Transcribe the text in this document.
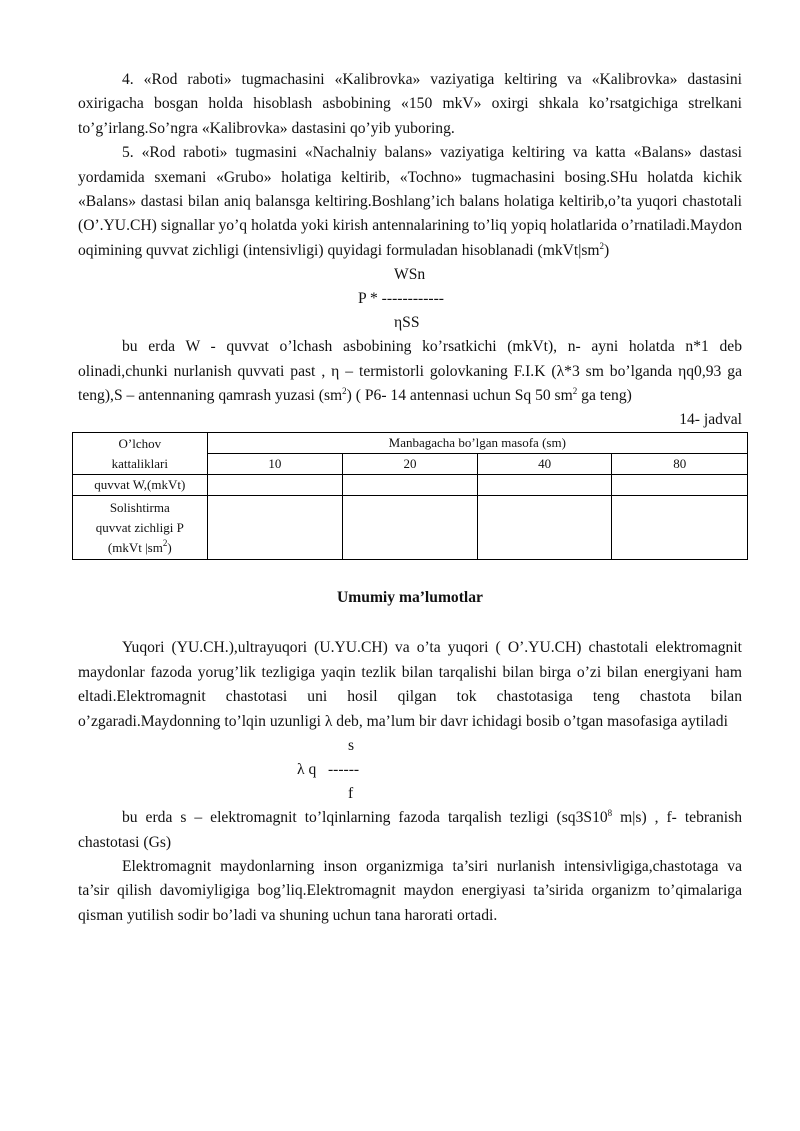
4. «Rod raboti» tugmachasini «Kalibrovka» vaziyatiga keltiring va «Kalibrovka» dastasini oxirigacha bosgan holda hisoblash asbobining «150 mkV» oxirgi shkala ko’rsatgichiga strelkani to’g’irlang.So’ngra «Kalibrovka» dastasini qo’yib yuboring.

5. «Rod raboti» tugmasini «Nachalniy balans» vaziyatiga keltiring va katta «Balans» dastasi yordamida sxemani «Grubo» holatiga keltirib, «Tochno» tugmachasini bosing.SHu holatda kichik «Balans» dastasi bilan aniq balansga keltiring.Boshlang’ich balans holatiga keltirib,o’ta yuqori chastotali (O’.YU.CH) signallar yo’q holatda yoki kirish antennalarining to’liq yopiq holatlarida o’rnatiladi.Maydon oqimining quvvat zichligi (intensivligi) quyidagi formuladan hisoblanadi $(mkVt|sm^2)$

WSn
P * ------------
ηSS

bu erda W - quvvat o’lchash asbobining ko’rsatkichi (mkVt), n- ayni holatda n*1 deb olinadi,chunki nurlanish quvvati past , η – termistorli golovkaning F.I.K (λ*3 sm bo’lganda ηq0,93 ga teng),S – antennaning qamrash yuzasi $(sm^2)$ ( P6- 14 antennasi uchun Sq 50 $sm^2$ ga teng)

14- jadval
O’lchov
kattaliklari	Manbagacha bo’lgan masofa (sm)			
	10	20	40	80
quvvat W,(mkVt)				

Solishtirma
quvvat zichligi P
(mkVt $|sm^2$)				

Umumiy ma’lumotlar

Yuqori (YU.CH.),ultrayuqori (U.YU.CH) va o’ta yuqori ( O’.YU.CH) chastotali elektromagnit maydonlar fazoda yorug’lik tezligiga yaqin tezlik bilan tarqalishi bilan birga o’zi bilan energiyani ham eltadi.Elektromagnit chastotasi uni hosil qilgan tok chastotasiga teng chastota bilan o’zgaradi.Maydonning to’lqin uzunligi λ deb, ma’lum bir davr ichidagi bosib o’tgan masofasiga aytiladi

s
λ q   ------
f

bu erda s – elektromagnit to’lqinlarning fazoda tarqalish tezligi ($sq3S10^8$ m|s) , f- tebranish chastotasi (Gs)

Elektromagnit maydonlarning inson organizmiga ta’siri nurlanish intensivligiga,chastotaga va ta’sir qilish davomiyligiga bog’liq.Elektromagnit maydon energiyasi ta’sirida organizm to’qimalariga qisman yutilish sodir bo’ladi va shuning uchun tana harorati ortadi.
